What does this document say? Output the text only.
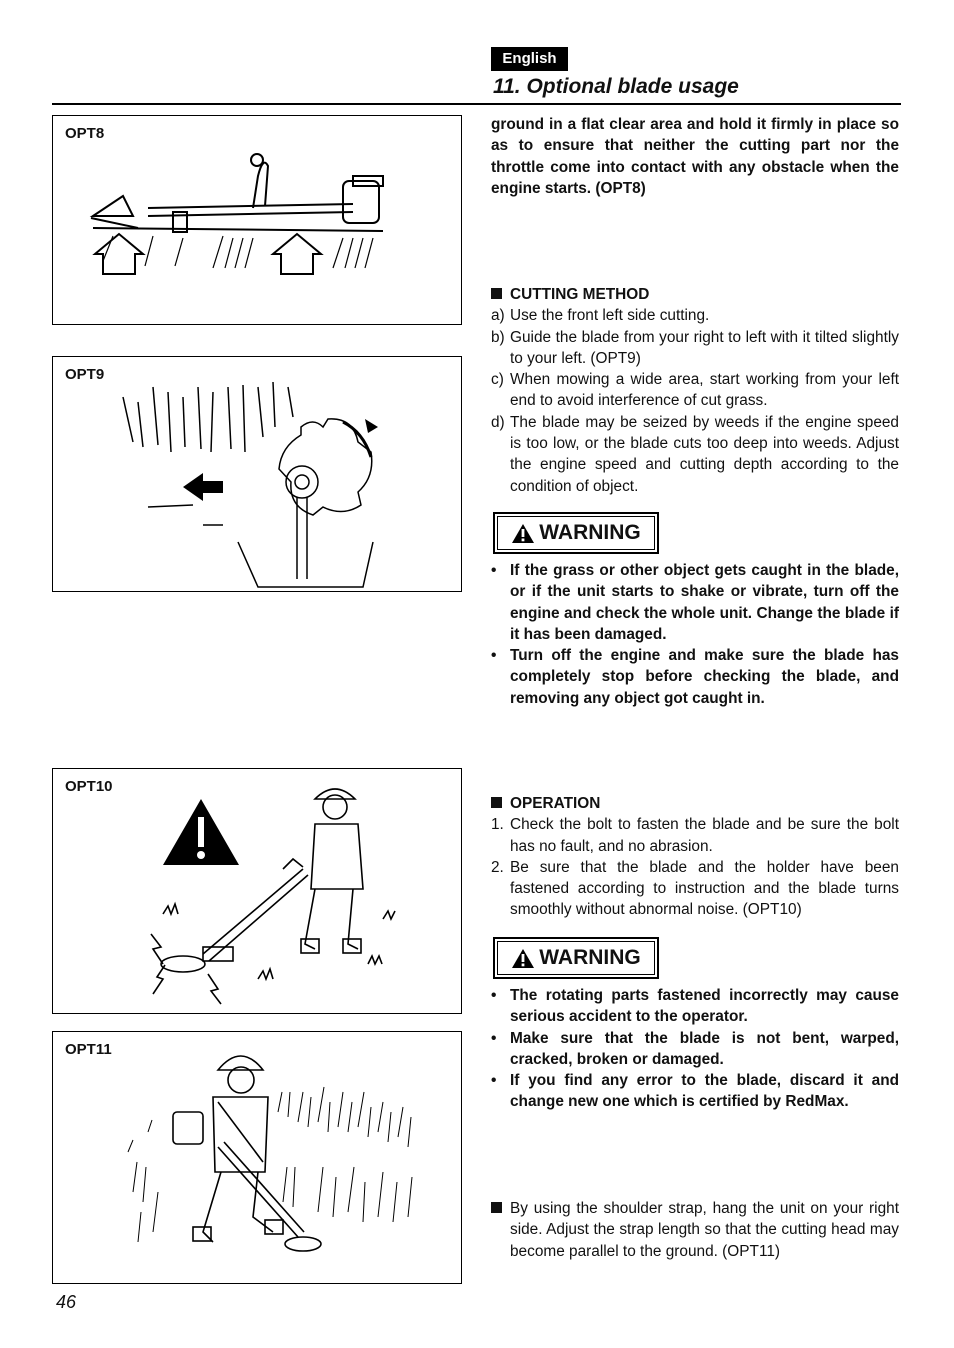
English
11. Optional blade usage
OPT8
OPT9
OPT10
OPT11
ground in a flat clear area and hold it firmly in place so as to ensure that neither the cutting part nor the throttle come into contact with any obstacle when the engine starts. (OPT8)
CUTTING METHOD
a) Use the front left side cutting.
b) Guide the blade from your right to left with it tilted slightly to your left. (OPT9)
c) When mowing a wide area, start working from your left end to avoid interference of cut grass.
d) The blade may be seized by weeds if the engine speed is too low, or the blade cuts too deep into weeds. Adjust the engine speed and cutting depth according to the condition of object.
WARNING
• If the grass or other object gets caught in the blade, or if the unit starts to shake or vibrate, turn off the engine and check the whole unit. Change the blade if it has been damaged.
• Turn off the engine and make sure the blade has completely stop before checking the blade, and removing any object got caught in.
OPERATION
1. Check the bolt to fasten the blade and be sure the bolt has no fault, and no abrasion.
2. Be sure that the blade and the holder have been fastened according to instruction and the blade turns smoothly without abnormal noise. (OPT10)
WARNING
• The rotating parts fastened incorrectly may cause serious accident to the operator.
• Make sure that the blade is not bent, warped, cracked, broken or damaged.
• If you find any error to the blade, discard it and change new one which is certified by RedMax.
By using the shoulder strap, hang the unit on your right side. Adjust the strap length so that the cutting head may become parallel to the ground. (OPT11)
46
